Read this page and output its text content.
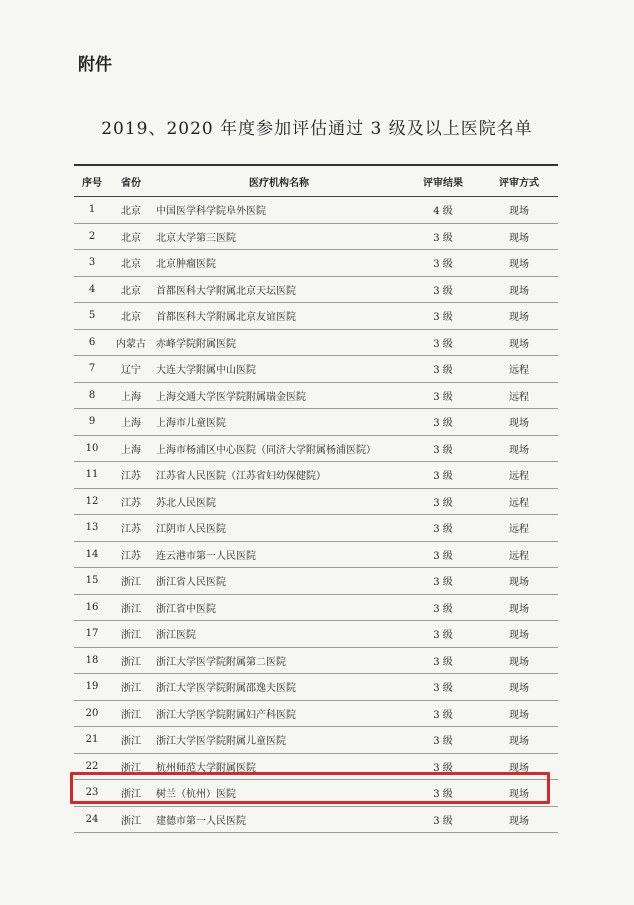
附件
2019、2020 年度参加评估通过 3 级及以上医院名单
序号	省份	医疗机构名称	评审结果	评审方式
1	北京	中国医学科学院阜外医院	4 级	现场
2	北京	北京大学第三医院	3 级	现场
3	北京	北京肿瘤医院	3 级	现场
4	北京	首都医科大学附属北京天坛医院	3 级	现场
5	北京	首都医科大学附属北京友谊医院	3 级	现场
6	内蒙古	赤峰学院附属医院	3 级	现场
7	辽宁	大连大学附属中山医院	3 级	远程
8	上海	上海交通大学医学院附属瑞金医院	3 级	远程
9	上海	上海市儿童医院	3 级	现场
10	上海	上海市杨浦区中心医院（同济大学附属杨浦医院）	3 级	现场
11	江苏	江苏省人民医院（江苏省妇幼保健院）	3 级	远程
12	江苏	苏北人民医院	3 级	远程
13	江苏	江阴市人民医院	3 级	远程
14	江苏	连云港市第一人民医院	3 级	远程
15	浙江	浙江省人民医院	3 级	现场
16	浙江	浙江省中医院	3 级	现场
17	浙江	浙江医院	3 级	现场
18	浙江	浙江大学医学院附属第二医院	3 级	现场
19	浙江	浙江大学医学院附属邵逸夫医院	3 级	现场
20	浙江	浙江大学医学院附属妇产科医院	3 级	现场
21	浙江	浙江大学医学院附属儿童医院	3 级	现场
22	浙江	杭州师范大学附属医院	3 级	现场
23	浙江	树兰（杭州）医院	3 级	现场
24	浙江	建德市第一人民医院	3 级	现场
